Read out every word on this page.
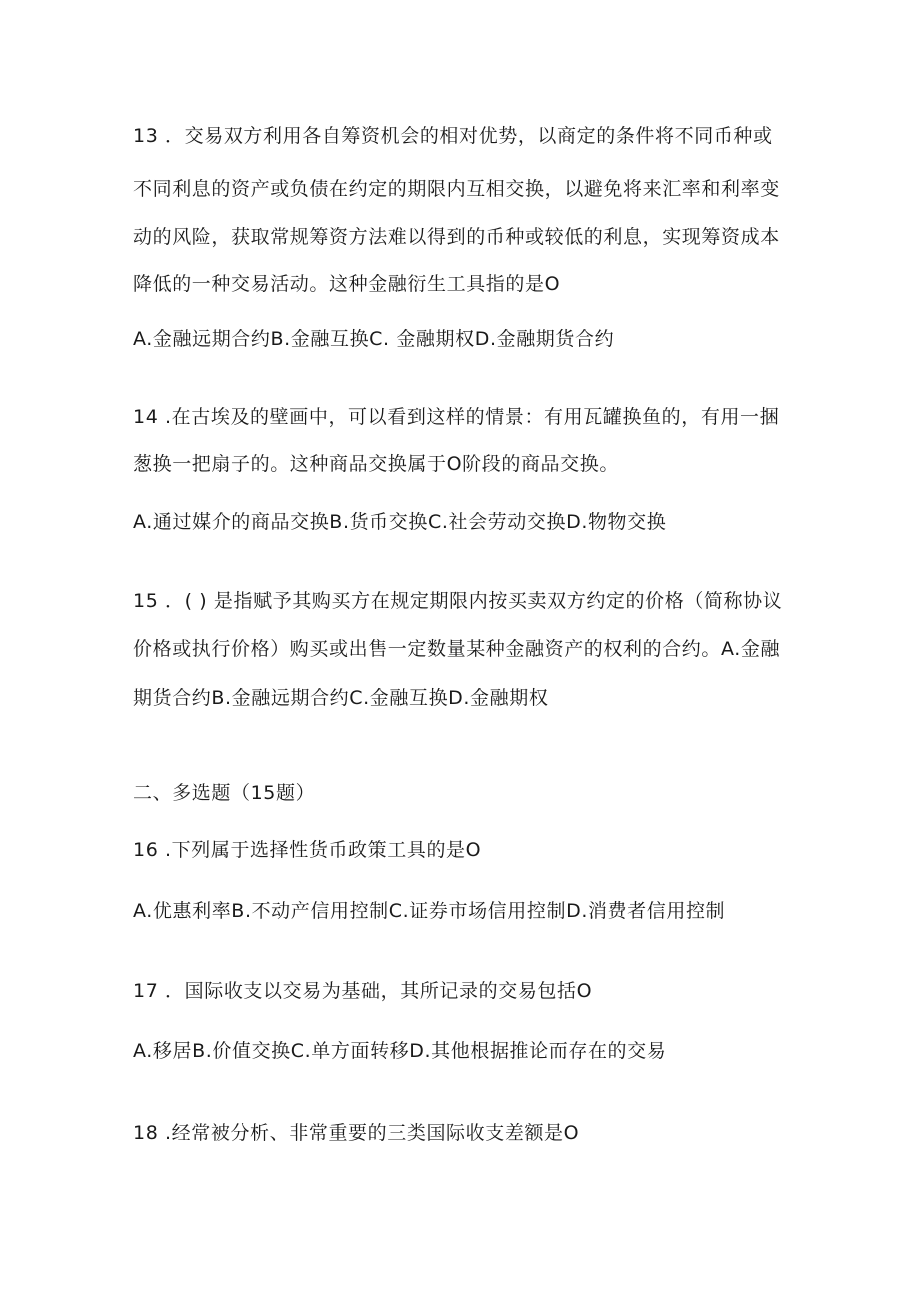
13 ．交易双方利用各自筹资机会的相对优势，以商定的条件将不同币种或
不同利息的资产或负债在约定的期限内互相交换，以避免将来汇率和利率变
动的风险，获取常规筹资方法难以得到的币种或较低的利息，实现筹资成本
降低的一种交易活动。这种金融衍生工具指的是O
A.金融远期合约B.金融互换C. 金融期权D.金融期货合约
14 .在古埃及的壁画中，可以看到这样的情景：有用瓦罐换鱼的，有用一捆
葱换一把扇子的。这种商品交换属于O阶段的商品交换。
A.通过媒介的商品交换B.货币交换C.社会劳动交换D.物物交换
15 ．( ) 是指赋予其购买方在规定期限内按买卖双方约定的价格（简称协议
价格或执行价格）购买或出售一定数量某种金融资产的权利的合约。A.金融
期货合约B.金融远期合约C.金融互换D.金融期权
二、多选题（15题）
16 .下列属于选择性货币政策工具的是O
A.优惠利率B.不动产信用控制C.证券市场信用控制D.消费者信用控制
17 ．国际收支以交易为基础，其所记录的交易包括O
A.移居B.价值交换C.单方面转移D.其他根据推论而存在的交易
18 .经常被分析、非常重要的三类国际收支差额是O
